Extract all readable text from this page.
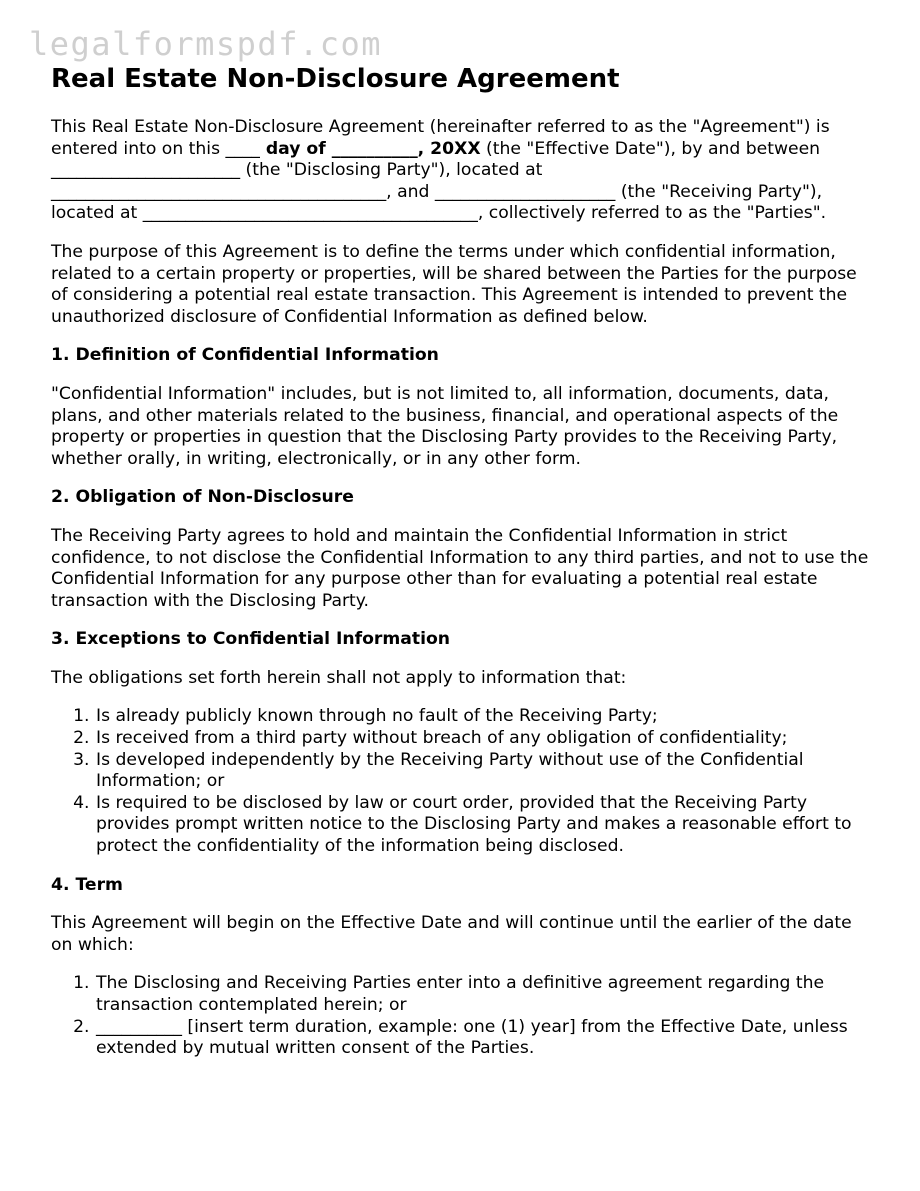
legalformspdf.com
Real Estate Non-Disclosure Agreement

This Real Estate Non-Disclosure Agreement (hereinafter referred to as the "Agreement") is entered into on this ____ day of __________, 20XX (the "Effective Date"), by and between ______________________ (the "Disclosing Party"), located at _______________________________________, and _____________________ (the "Receiving Party"), located at _______________________________________, collectively referred to as the "Parties".

The purpose of this Agreement is to define the terms under which confidential information, related to a certain property or properties, will be shared between the Parties for the purpose of considering a potential real estate transaction. This Agreement is intended to prevent the unauthorized disclosure of Confidential Information as defined below.

1. Definition of Confidential Information

"Confidential Information" includes, but is not limited to, all information, documents, data, plans, and other materials related to the business, financial, and operational aspects of the property or properties in question that the Disclosing Party provides to the Receiving Party, whether orally, in writing, electronically, or in any other form.

2. Obligation of Non-Disclosure

The Receiving Party agrees to hold and maintain the Confidential Information in strict confidence, to not disclose the Confidential Information to any third parties, and not to use the Confidential Information for any purpose other than for evaluating a potential real estate transaction with the Disclosing Party.

3. Exceptions to Confidential Information

The obligations set forth herein shall not apply to information that:

1. Is already publicly known through no fault of the Receiving Party;
2. Is received from a third party without breach of any obligation of confidentiality;
3. Is developed independently by the Receiving Party without use of the Confidential Information; or
4. Is required to be disclosed by law or court order, provided that the Receiving Party provides prompt written notice to the Disclosing Party and makes a reasonable effort to protect the confidentiality of the information being disclosed.
4. Term

This Agreement will begin on the Effective Date and will continue until the earlier of the date on which:

1. The Disclosing and Receiving Parties enter into a definitive agreement regarding the transaction contemplated herein; or
2. __________ [insert term duration, example: one (1) year] from the Effective Date, unless extended by mutual written consent of the Parties.
